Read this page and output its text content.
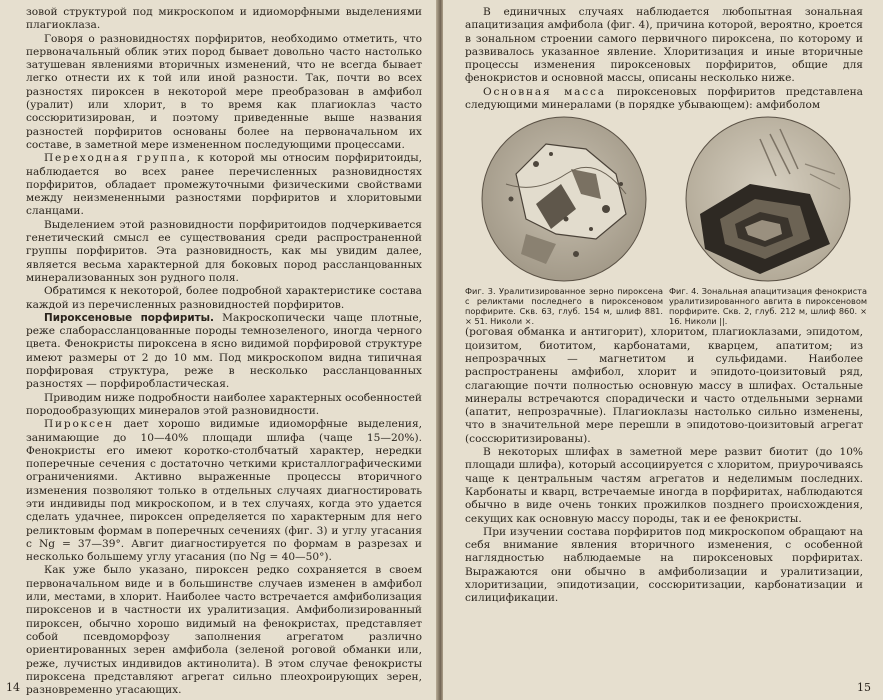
зовой структурой под микроскопом и идиоморфными выделениями плагиоклаза.

Говоря о разновидностях порфиритов, необходимо отметить, что первоначальный облик этих пород бывает довольно часто настолько затушеван явлениями вторичных изменений, что не всегда бывает легко отнести их к той или иной разности. Так, почти во всех разностях пироксен в некоторой мере преобразован в амфибол (уралит) или хлорит, в то время как плагиоклаз часто соссюритизирован, и поэтому приведенные выше названия разностей порфиритов основаны более на первоначальном их составе, в заметной мере измененном последующими процессами.

Переходная группа, к которой мы относим порфиритоиды, наблюдается во всех ранее перечисленных разновидностях порфиритов, обладает промежуточными физическими свойствами между неизмененными разностями порфиритов и хлоритовыми сланцами.

Выделением этой разновидности порфиритоидов подчеркивается генетический смысл ее существования среди распространенной группы порфиритов. Эта разновидность, как мы увидим далее, является весьма характерной для боковых пород рассланцованных минерализованных зон рудного поля.

Обратимся к некоторой, более подробной характеристике состава каждой из перечисленных разновидностей порфиритов.

Пироксеновые порфириты. Макроскопически чаще плотные, реже слаборассланцованные породы темнозеленого, иногда черного цвета. Фенокристы пироксена в ясно видимой порфировой структуре имеют размеры от 2 до 10 мм. Под микроскопом видна типичная порфировая структура, реже в несколько рассланцованных разностях — порфиробластическая.

Приводим ниже подробности наиболее характерных особенностей породообразующих минералов этой разновидности.

Пироксен дает хорошо видимые идиоморфные выделения, занимающие до 10—40% площади шлифа (чаще 15—20%). Фенокристы его имеют коротко-столбчатый характер, нередки поперечные сечения с достаточно четкими кристаллографическими ограничениями. Активно выраженные процессы вторичного изменения позволяют только в отдельных случаях диагностировать эти индивиды под микроскопом, и в тех случаях, когда это удается сделать удачнее, пироксен определяется по характерным для него реликтовым формам в поперечных сечениях (фиг. 3) и углу угасания с Ng = 37—39°. Авгит диагностируется по формам в разрезах и несколько большему углу угасания (по Ng = 40—50°).

Как уже было указано, пироксен редко сохраняется в своем первоначальном виде и в большинстве случаев изменен в амфибол или, местами, в хлорит. Наиболее часто встречается амфиболизация пироксенов и в частности их уралитизация. Амфиболизированный пироксен, обычно хорошо видимый на фенокристах, представляет собой псевдоморфозу заполнения агрегатом различно ориентированных зерен амфибола (зеленой роговой обманки или, реже, лучистых индивидов актинолита). В этом случае фенокристы пироксена представляют агрегат сильно плеохроирующих зерен, разновременно угасающих.

14

В единичных случаях наблюдается любопытная зональная апацитизация амфибола (фиг. 4), причина которой, вероятно, кроется в зональном строении самого первичного пироксена, по которому и развивалось указанное явление. Хлоритизация и иные вторичные процессы изменения пироксеновых порфиритов, общие для фенокристов и основной массы, описаны несколько ниже.

Основная масса пироксеновых порфиритов представлена следующими минералами (в порядке убывающем): амфиболом

Фиг. 3. Уралитизированное зерно пироксена с реликтами последнего в пироксеновом порфирите. Скв. 63, глуб. 154 м, шлиф 881. × 51. Николи ×.
Фиг. 4. Зональная апацитизация фенокриста уралитизированного авгита в пироксеновом порфирите. Скв. 2, глуб. 212 м, шлиф 860. × 16. Николи ||.

(роговая обманка и антигорит), хлоритом, плагиоклазами, эпидотом, цоизитом, биотитом, карбонатами, кварцем, апатитом; из непрозрачных — магнетитом и сульфидами. Наиболее распространены амфибол, хлорит и эпидото-цоизитовый ряд, слагающие почти полностью основную массу в шлифах. Остальные минералы встречаются спорадически и часто отдельными зернами (апатит, непрозрачные). Плагиоклазы настолько сильно изменены, что в значительной мере перешли в эпидотово-цоизитовый агрегат (соссюритизированы).

В некоторых шлифах в заметной мере развит биотит (до 10% площади шлифа), который ассоциируется с хлоритом, приурочиваясь чаще к центральным частям агрегатов и неделимым последних. Карбонаты и кварц, встречаемые иногда в порфиритах, наблюдаются обычно в виде очень тонких прожилков позднего происхождения, секущих как основную массу породы, так и ее фенокристы.

При изучении состава порфиритов под микроскопом обращают на себя внимание явления вторичного изменения, с особенной наглядностью наблюдаемые на пироксеновых порфиритах. Выражаются они обычно в амфиболизации и уралитизации, хлоритизации, эпидотизации, соссюритизации, карбонатизации и силицификации.

15
